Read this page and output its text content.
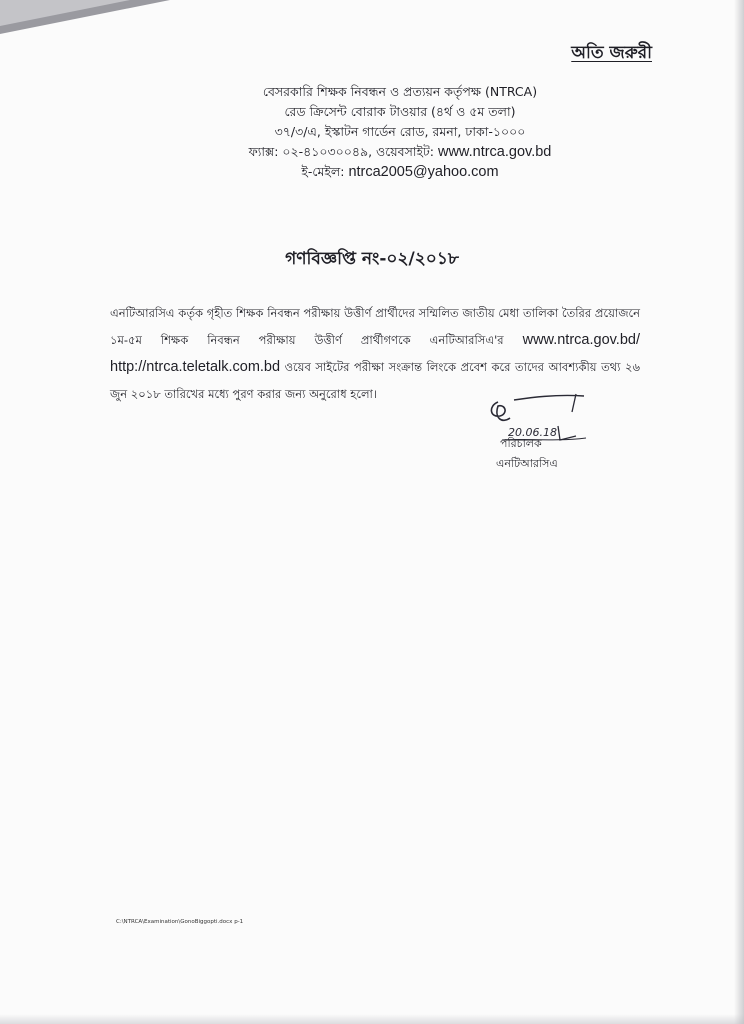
অতি জরুরী
বেসরকারি শিক্ষক নিবন্ধন ও প্রত্যয়ন কর্তৃপক্ষ (NTRCA)
রেড ক্রিসেন্ট বোরাক টাওয়ার (৪র্থ ও ৫ম তলা)
৩৭/৩/এ, ইস্কাটন গার্ডেন রোড, রমনা, ঢাকা-১০০০
ফ্যাক্স: ০২-৪১০৩০০৪৯, ওয়েবসাইট: www.ntrca.gov.bd
ই-মেইল: ntrca2005@yahoo.com
গণবিজ্ঞপ্তি নং-০২/২০১৮
এনটিআরসিএ কর্তৃক গৃহীত শিক্ষক নিবন্ধন পরীক্ষায় উত্তীর্ণ প্রার্থীদের সম্মিলিত জাতীয় মেধা তালিকা তৈরির প্রয়োজনে ১ম-৫ম শিক্ষক নিবন্ধন পরীক্ষায় উত্তীর্ণ প্রার্থীগণকে এনটিআরসিএ'র www.ntrca.gov.bd/ http://ntrca.teletalk.com.bd ওয়েব সাইটের পরীক্ষা সংক্রান্ত লিংকে প্রবেশ করে তাদের আবশ্যকীয় তথ্য ২৬ জুন ২০১৮ তারিখের মধ্যে পুরণ করার জন্য অনুরোধ হলো।
20.06.18
পরিচালক
এনটিআরসিএ
C:\NTRCA\Examination\GonoBiggopti.docx p-1
